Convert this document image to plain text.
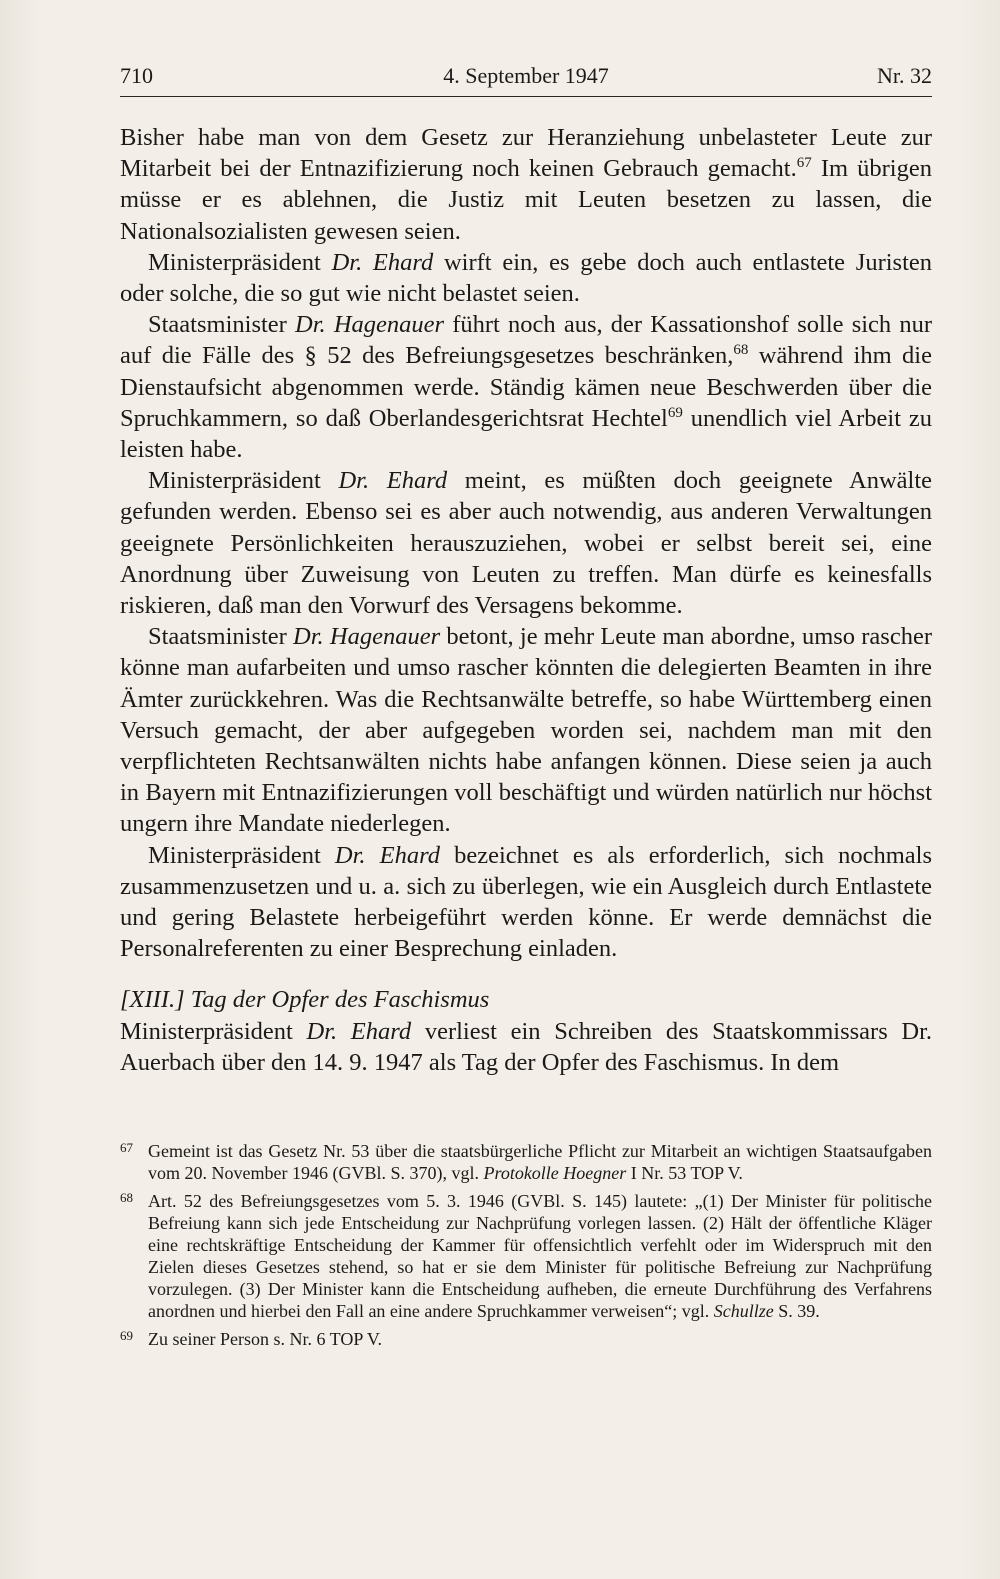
710	4. September 1947	Nr. 32

Bisher habe man von dem Gesetz zur Heranziehung unbelasteter Leute zur Mitarbeit bei der Entnazifizierung noch keinen Gebrauch gemacht.$^{67}$ Im übrigen müsse er es ablehnen, die Justiz mit Leuten besetzen zu lassen, die Nationalsozialisten gewesen seien.

Ministerpräsident Dr. Ehard wirft ein, es gebe doch auch entlastete Juristen oder solche, die so gut wie nicht belastet seien.

Staatsminister Dr. Hagenauer führt noch aus, der Kassationshof solle sich nur auf die Fälle des § 52 des Befreiungsgesetzes beschränken,$^{68}$ während ihm die Dienstaufsicht abgenommen werde. Ständig kämen neue Beschwerden über die Spruchkammern, so daß Oberlandesgerichtsrat Hechtel$^{69}$ unendlich viel Arbeit zu leisten habe.

Ministerpräsident Dr. Ehard meint, es müßten doch geeignete Anwälte gefunden werden. Ebenso sei es aber auch notwendig, aus anderen Verwaltungen geeignete Persönlichkeiten herauszuziehen, wobei er selbst bereit sei, eine Anordnung über Zuweisung von Leuten zu treffen. Man dürfe es keinesfalls riskieren, daß man den Vorwurf des Versagens bekomme.

Staatsminister Dr. Hagenauer betont, je mehr Leute man abordne, umso rascher könne man aufarbeiten und umso rascher könnten die delegierten Beamten in ihre Ämter zurückkehren. Was die Rechtsanwälte betreffe, so habe Württemberg einen Versuch gemacht, der aber aufgegeben worden sei, nachdem man mit den verpflichteten Rechtsanwälten nichts habe anfangen können. Diese seien ja auch in Bayern mit Entnazifizierungen voll beschäftigt und würden natürlich nur höchst ungern ihre Mandate niederlegen.

Ministerpräsident Dr. Ehard bezeichnet es als erforderlich, sich nochmals zusammenzusetzen und u. a. sich zu überlegen, wie ein Ausgleich durch Entlastete und gering Belastete herbeigeführt werden könne. Er werde demnächst die Personalreferenten zu einer Besprechung einladen.

[XIII.] Tag der Opfer des Faschismus

Ministerpräsident Dr. Ehard verliest ein Schreiben des Staatskommissars Dr. Auerbach über den 14. 9. 1947 als Tag der Opfer des Faschismus. In dem

67 Gemeint ist das Gesetz Nr. 53 über die staatsbürgerliche Pflicht zur Mitarbeit an wichtigen Staatsaufgaben vom 20. November 1946 (GVBl. S. 370), vgl. Protokolle Hoegner I Nr. 53 TOP V.
68 Art. 52 des Befreiungsgesetzes vom 5. 3. 1946 (GVBl. S. 145) lautete: „(1) Der Minister für politische Befreiung kann sich jede Entscheidung zur Nachprüfung vorlegen lassen. (2) Hält der öffentliche Kläger eine rechtskräftige Entscheidung der Kammer für offensichtlich verfehlt oder im Widerspruch mit den Zielen dieses Gesetzes stehend, so hat er sie dem Minister für politische Befreiung zur Nachprüfung vorzulegen. (3) Der Minister kann die Entscheidung aufheben, die erneute Durchführung des Verfahrens anordnen und hierbei den Fall an eine andere Spruchkammer verweisen“; vgl. Schullze S. 39.
69 Zu seiner Person s. Nr. 6 TOP V.
